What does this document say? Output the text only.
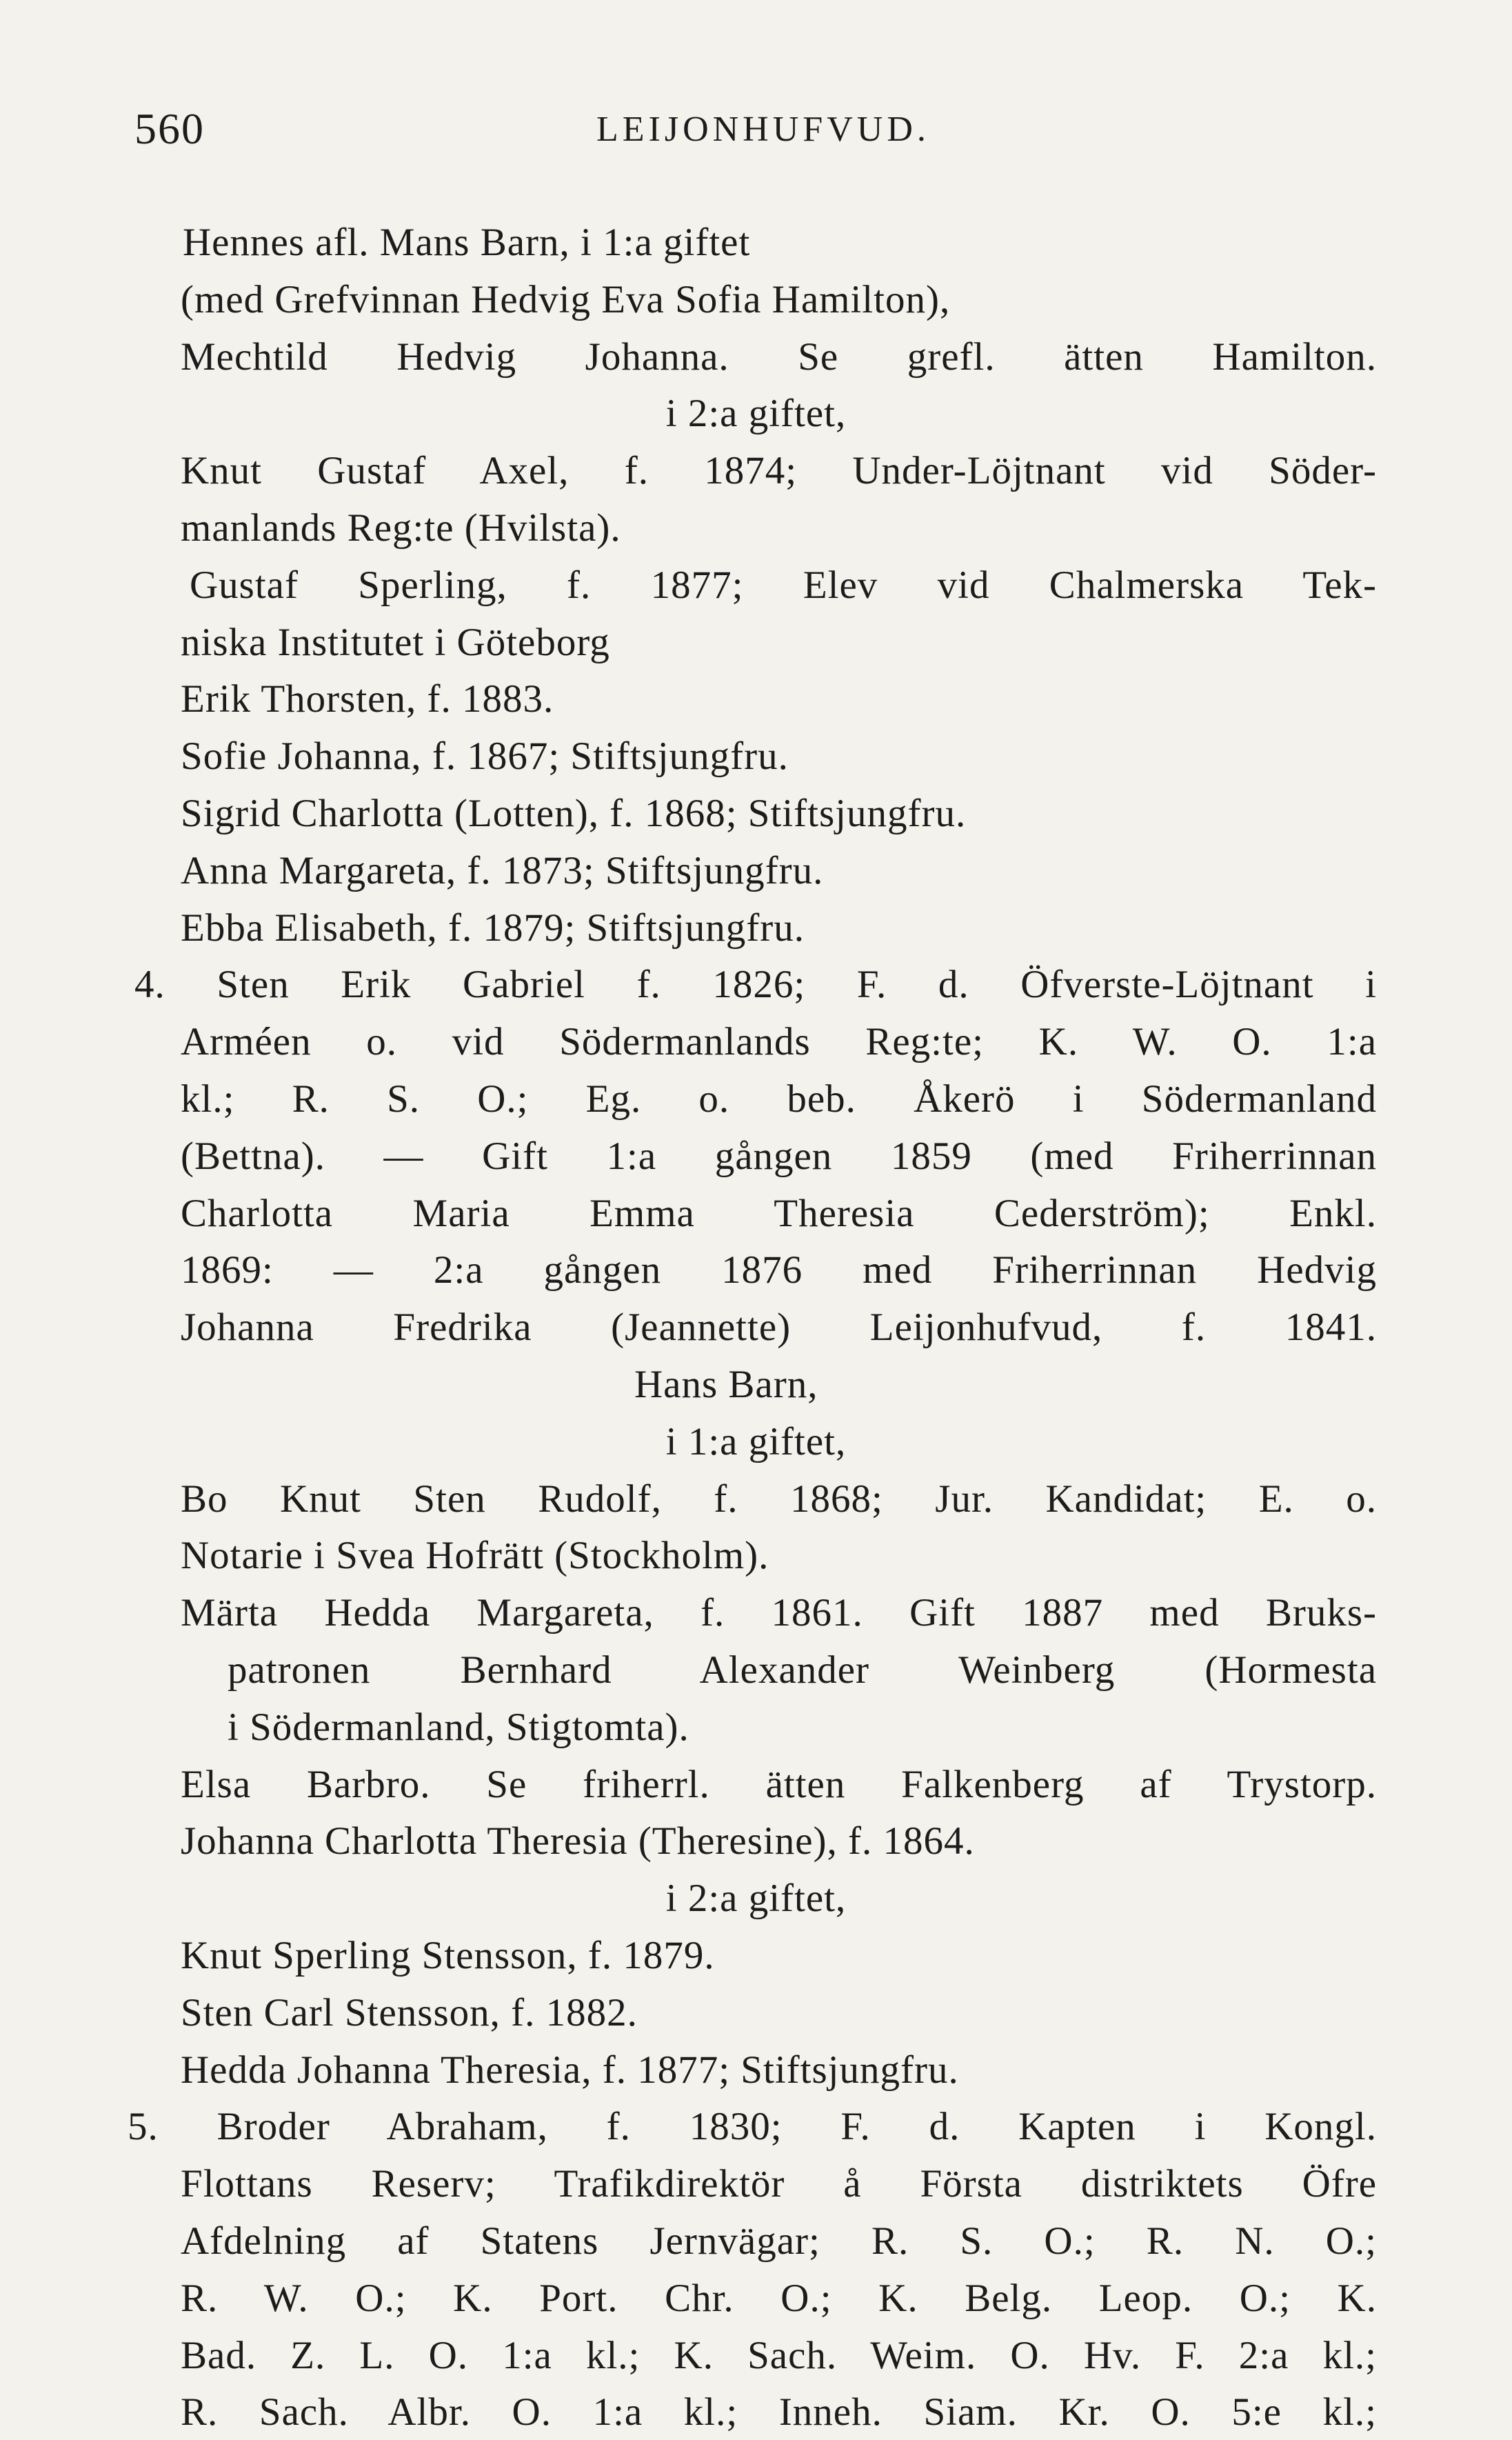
560	LEIJONHUFVUD.
Hennes afl. Mans Barn, i 1:a giftet
(med Grefvinnan Hedvig Eva Sofia Hamilton),
Mechtild Hedvig Johanna. Se grefl. ätten Hamilton.
i 2:a giftet,
Knut Gustaf Axel, f. 1874; Under-Löjtnant vid Söder-
manlands Reg:te (Hvilsta).
Gustaf Sperling, f. 1877; Elev vid Chalmerska Tek-
niska Institutet i Göteborg
Erik Thorsten, f. 1883.
Sofie Johanna, f. 1867; Stiftsjungfru.
Sigrid Charlotta (Lotten), f. 1868; Stiftsjungfru.
Anna Margareta, f. 1873; Stiftsjungfru.
Ebba Elisabeth, f. 1879; Stiftsjungfru.
4. Sten Erik Gabriel f. 1826; F. d. Öfverste-Löjtnant i
Arméen o. vid Södermanlands Reg:te; K. W. O. 1:a
kl.; R. S. O.; Eg. o. beb. Åkerö i Södermanland
(Bettna). — Gift 1:a gången 1859 (med Friherrinnan
Charlotta Maria Emma Theresia Cederström); Enkl.
1869: — 2:a gången 1876 med Friherrinnan Hedvig
Johanna Fredrika (Jeannette) Leijonhufvud, f. 1841.
Hans Barn,
i 1:a giftet,
Bo Knut Sten Rudolf, f. 1868; Jur. Kandidat; E. o.
Notarie i Svea Hofrätt (Stockholm).
Märta Hedda Margareta, f. 1861. Gift 1887 med Bruks-
patronen Bernhard Alexander Weinberg (Hormesta
i Södermanland, Stigtomta).
Elsa Barbro. Se friherrl. ätten Falkenberg af Trystorp.
Johanna Charlotta Theresia (Theresine), f. 1864.
i 2:a giftet,
Knut Sperling Stensson, f. 1879.
Sten Carl Stensson, f. 1882.
Hedda Johanna Theresia, f. 1877; Stiftsjungfru.
5. Broder Abraham, f. 1830; F. d. Kapten i Kongl.
Flottans Reserv; Trafikdirektör å Första distriktets Öfre
Afdelning af Statens Jernvägar; R. S. O.; R. N. O.;
R. W. O.; K. Port. Chr. O.; K. Belg. Leop. O.; K.
Bad. Z. L. O. 1:a kl.; K. Sach. Weim. O. Hv. F. 2:a kl.;
R. Sach. Albr. O. 1:a kl.; Inneh. Siam. Kr. O. 5:e kl.;
